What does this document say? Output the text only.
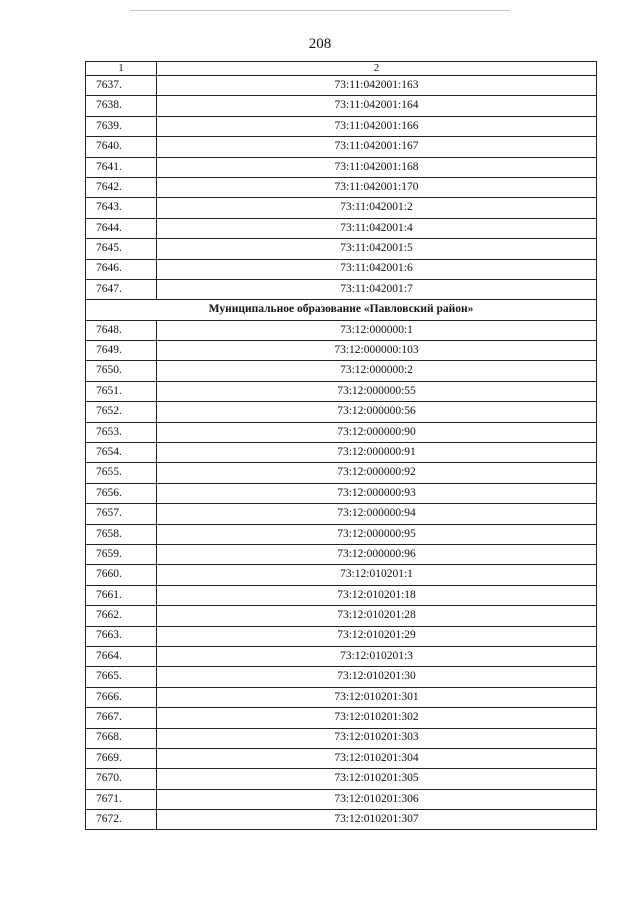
208
1	2
7637.	73:11:042001:163
7638.	73:11:042001:164
7639.	73:11:042001:166
7640.	73:11:042001:167
7641.	73:11:042001:168
7642.	73:11:042001:170
7643.	73:11:042001:2
7644.	73:11:042001:4
7645.	73:11:042001:5
7646.	73:11:042001:6
7647.	73:11:042001:7
Муниципальное образование «Павловский район»	
7648.	73:12:000000:1
7649.	73:12:000000:103
7650.	73:12:000000:2
7651.	73:12:000000:55
7652.	73:12:000000:56
7653.	73:12:000000:90
7654.	73:12:000000:91
7655.	73:12:000000:92
7656.	73:12:000000:93
7657.	73:12:000000:94
7658.	73:12:000000:95
7659.	73:12:000000:96
7660.	73:12:010201:1
7661.	73:12:010201:18
7662.	73:12:010201:28
7663.	73:12:010201:29
7664.	73:12:010201:3
7665.	73:12:010201:30
7666.	73:12:010201:301
7667.	73:12:010201:302
7668.	73:12:010201:303
7669.	73:12:010201:304
7670.	73:12:010201:305
7671.	73:12:010201:306
7672.	73:12:010201:307
